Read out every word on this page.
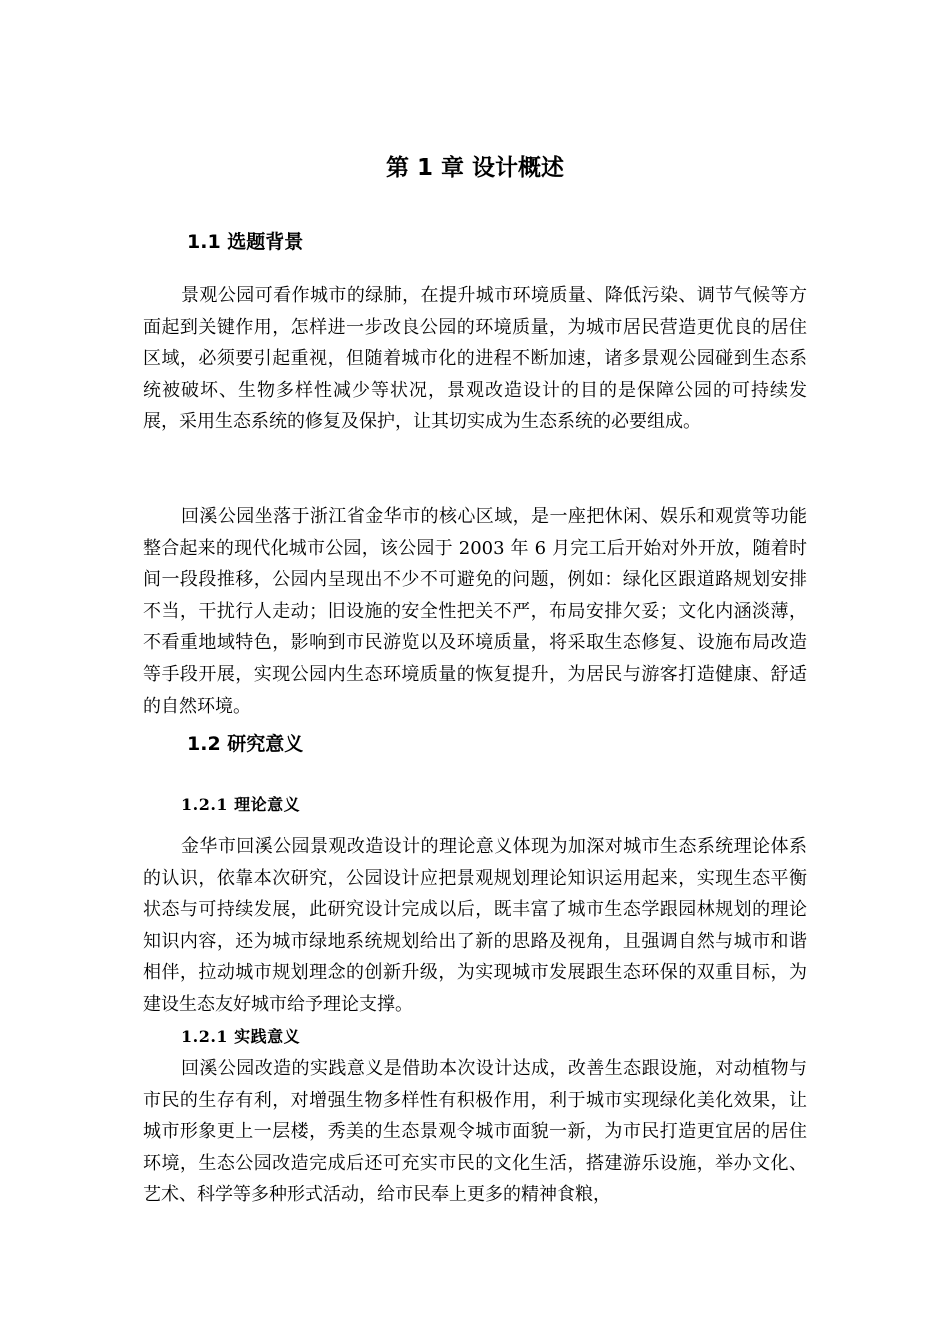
第 1 章 设计概述
1.1 选题背景

景观公园可看作城市的绿肺，在提升城市环境质量、降低污染、调节气候等方面起到关键作用，怎样进一步改良公园的环境质量，为城市居民营造更优良的居住区域，必须要引起重视，但随着城市化的进程不断加速，诸多景观公园碰到生态系统被破坏、生物多样性减少等状况，景观改造设计的目的是保障公园的可持续发展，采用生态系统的修复及保护，让其切实成为生态系统的必要组成。

回溪公园坐落于浙江省金华市的核心区域，是一座把休闲、娱乐和观赏等功能整合起来的现代化城市公园，该公园于 2003 年 6 月完工后开始对外开放，随着时间一段段推移，公园内呈现出不少不可避免的问题，例如：绿化区跟道路规划安排不当，干扰行人走动；旧设施的安全性把关不严，布局安排欠妥；文化内涵淡薄，不看重地域特色，影响到市民游览以及环境质量，将采取生态修复、设施布局改造等手段开展，实现公园内生态环境质量的恢复提升，为居民与游客打造健康、舒适的自然环境。

1.2 研究意义
1.2.1 理论意义

金华市回溪公园景观改造设计的理论意义体现为加深对城市生态系统理论体系的认识，依靠本次研究，公园设计应把景观规划理论知识运用起来，实现生态平衡状态与可持续发展，此研究设计完成以后，既丰富了城市生态学跟园林规划的理论知识内容，还为城市绿地系统规划给出了新的思路及视角，且强调自然与城市和谐相伴，拉动城市规划理念的创新升级，为实现城市发展跟生态环保的双重目标，为建设生态友好城市给予理论支撑。

1.2.1 实践意义

回溪公园改造的实践意义是借助本次设计达成，改善生态跟设施，对动植物与市民的生存有利，对增强生物多样性有积极作用，利于城市实现绿化美化效果，让城市形象更上一层楼，秀美的生态景观令城市面貌一新，为市民打造更宜居的居住环境，生态公园改造完成后还可充实市民的文化生活，搭建游乐设施，举办文化、艺术、科学等多种形式活动，给市民奉上更多的精神食粮，
